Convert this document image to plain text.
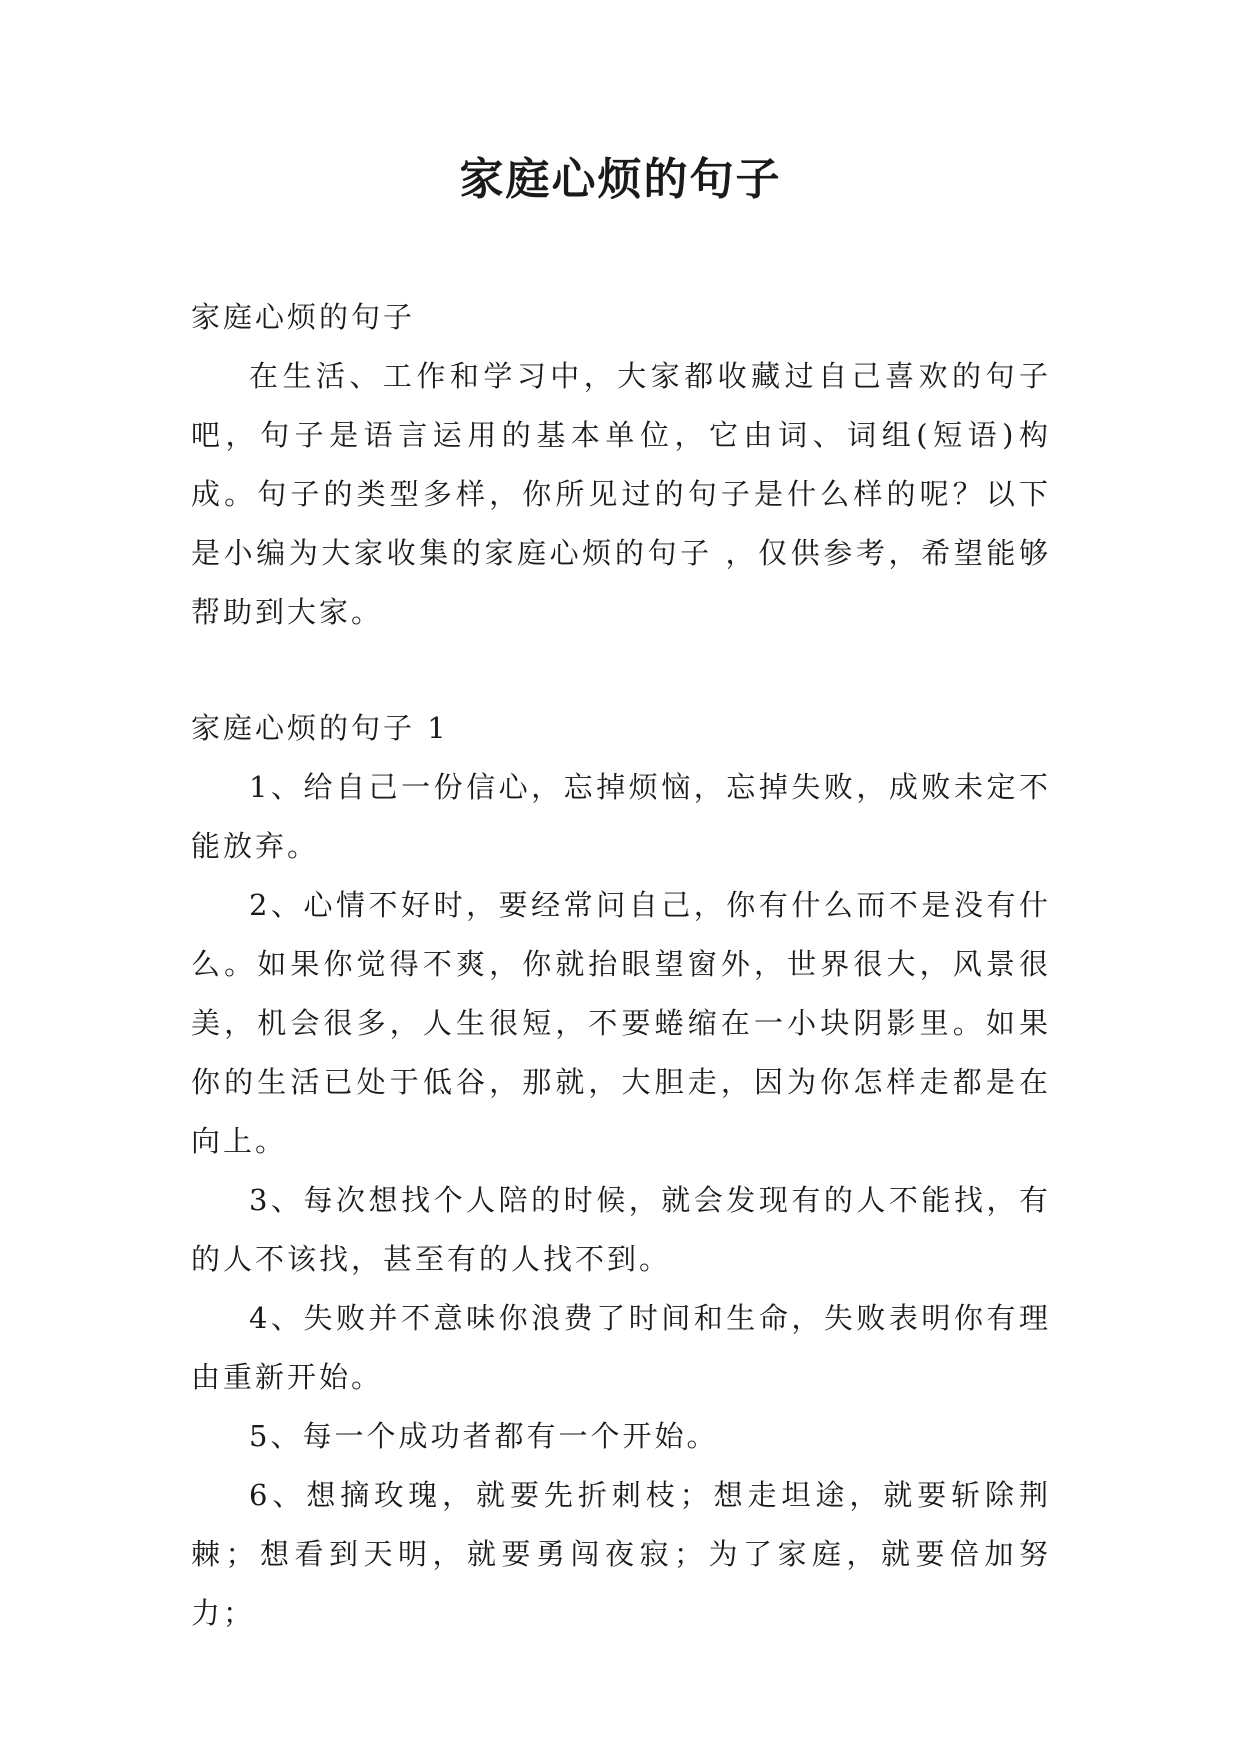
家庭心烦的句子

家庭心烦的句子

在生活、工作和学习中，大家都收藏过自己喜欢的句子吧，句子是语言运用的基本单位，它由词、词组(短语)构成。句子的类型多样，你所见过的句子是什么样的呢？以下是小编为大家收集的家庭心烦的句子 ，仅供参考，希望能够帮助到大家。

家庭心烦的句子 1

1、给自己一份信心，忘掉烦恼，忘掉失败，成败未定不能放弃。

2、心情不好时，要经常问自己，你有什么而不是没有什么。如果你觉得不爽，你就抬眼望窗外，世界很大，风景很美，机会很多，人生很短，不要蜷缩在一小块阴影里。如果你的生活已处于低谷，那就，大胆走，因为你怎样走都是在向上。

3、每次想找个人陪的时候，就会发现有的人不能找，有的人不该找，甚至有的人找不到。

4、失败并不意味你浪费了时间和生命，失败表明你有理由重新开始。

5、每一个成功者都有一个开始。

6、想摘玫瑰，就要先折刺枝；想走坦途，就要斩除荆棘；想看到天明，就要勇闯夜寂；为了家庭，就要倍加努力；
